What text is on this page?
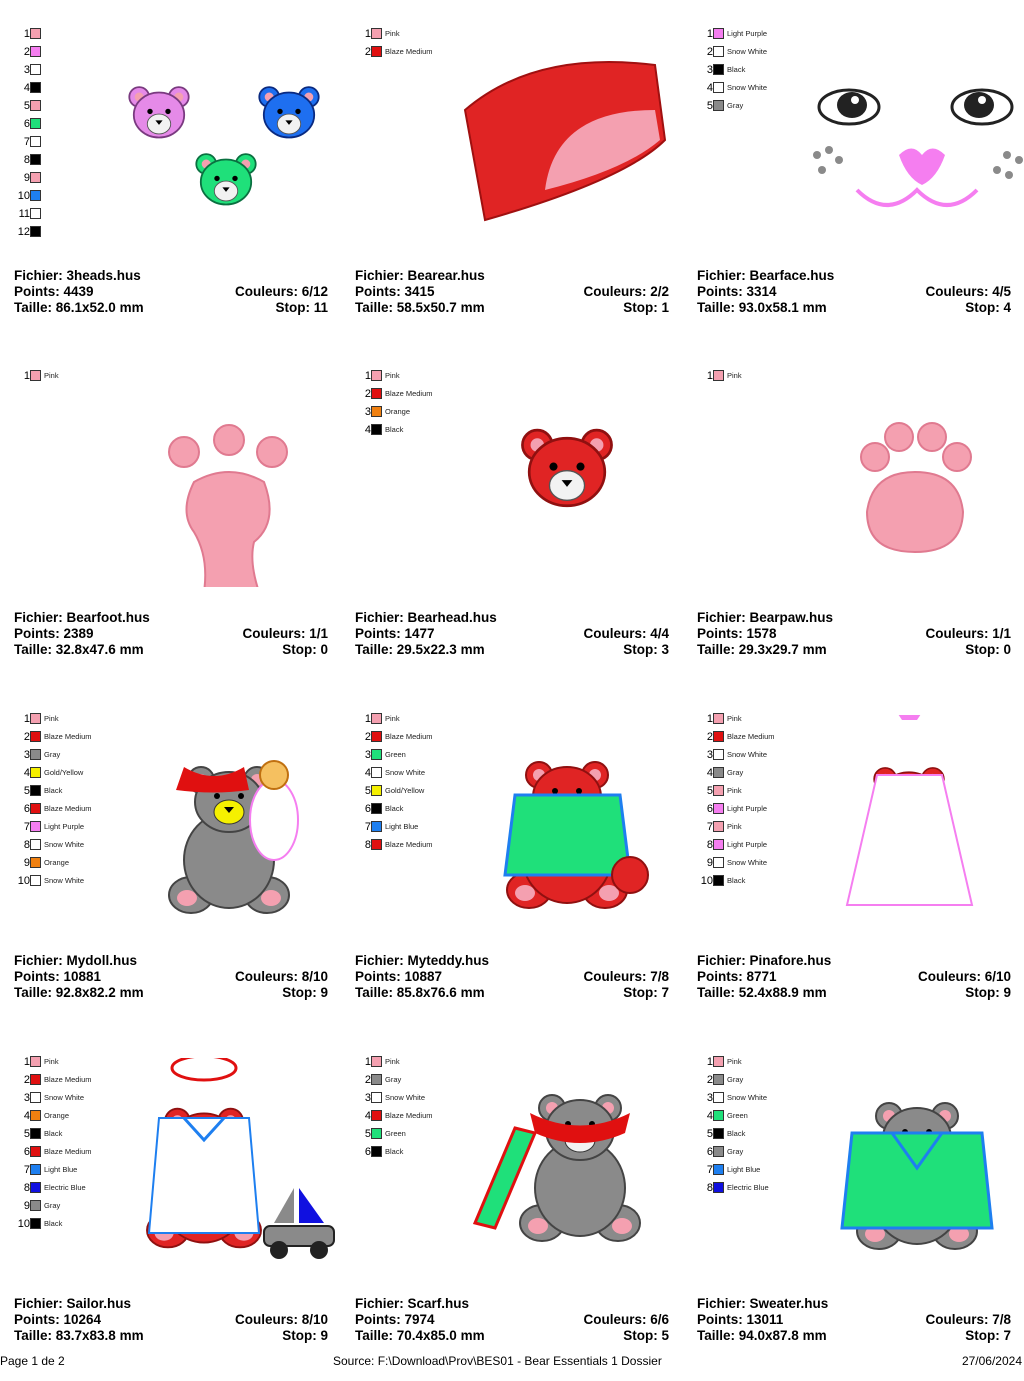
1
2
3
4
5
6
7
8
9
10
11
12
Fichier: 3heads.hus
Points: 4439	Couleurs: 6/12
Taille: 86.1x52.0 mm	Stop: 11
1 Pink
2 Blaze Medium
Fichier: Bearear.hus
Points: 3415	Couleurs: 2/2
Taille: 58.5x50.7 mm	Stop: 1
1 Light Purple
2 Snow White
3 Black
4 Snow White
5 Gray
Fichier: Bearface.hus
Points: 3314	Couleurs: 4/5
Taille: 93.0x58.1 mm	Stop: 4
1 Pink
Fichier: Bearfoot.hus
Points: 2389	Couleurs: 1/1
Taille: 32.8x47.6 mm	Stop: 0
1 Pink
2 Blaze Medium
3 Orange
4 Black
Fichier: Bearhead.hus
Points: 1477	Couleurs: 4/4
Taille: 29.5x22.3 mm	Stop: 3
1 Pink
Fichier: Bearpaw.hus
Points: 1578	Couleurs: 1/1
Taille: 29.3x29.7 mm	Stop: 0
1 Pink
2 Blaze Medium
3 Gray
4 Gold/Yellow
5 Black
6 Blaze Medium
7 Light Purple
8 Snow White
9 Orange
10 Snow White
Fichier: Mydoll.hus
Points: 10881	Couleurs: 8/10
Taille: 92.8x82.2 mm	Stop: 9
1 Pink
2 Blaze Medium
3 Green
4 Snow White
5 Gold/Yellow
6 Black
7 Light Blue
8 Blaze Medium
Fichier: Myteddy.hus
Points: 10887	Couleurs: 7/8
Taille: 85.8x76.6 mm	Stop: 7
1 Pink
2 Blaze Medium
3 Snow White
4 Gray
5 Pink
6 Light Purple
7 Pink
8 Light Purple
9 Snow White
10 Black
Fichier: Pinafore.hus
Points: 8771	Couleurs: 6/10
Taille: 52.4x88.9 mm	Stop: 9
1 Pink
2 Blaze Medium
3 Snow White
4 Orange
5 Black
6 Blaze Medium
7 Light Blue
8 Electric Blue
9 Gray
10 Black
Fichier: Sailor.hus
Points: 10264	Couleurs: 8/10
Taille: 83.7x83.8 mm	Stop: 9
1 Pink
2 Gray
3 Snow White
4 Blaze Medium
5 Green
6 Black
Fichier: Scarf.hus
Points: 7974	Couleurs: 6/6
Taille: 70.4x85.0 mm	Stop: 5
1 Pink
2 Gray
3 Snow White
4 Green
5 Black
6 Gray
7 Light Blue
8 Electric Blue
Fichier: Sweater.hus
Points: 13011	Couleurs: 7/8
Taille: 94.0x87.8 mm	Stop: 7
Page 1 de 2	Source: F:\Download\Prov\BES01 - Bear Essentials 1 Dossier	27/06/2024
